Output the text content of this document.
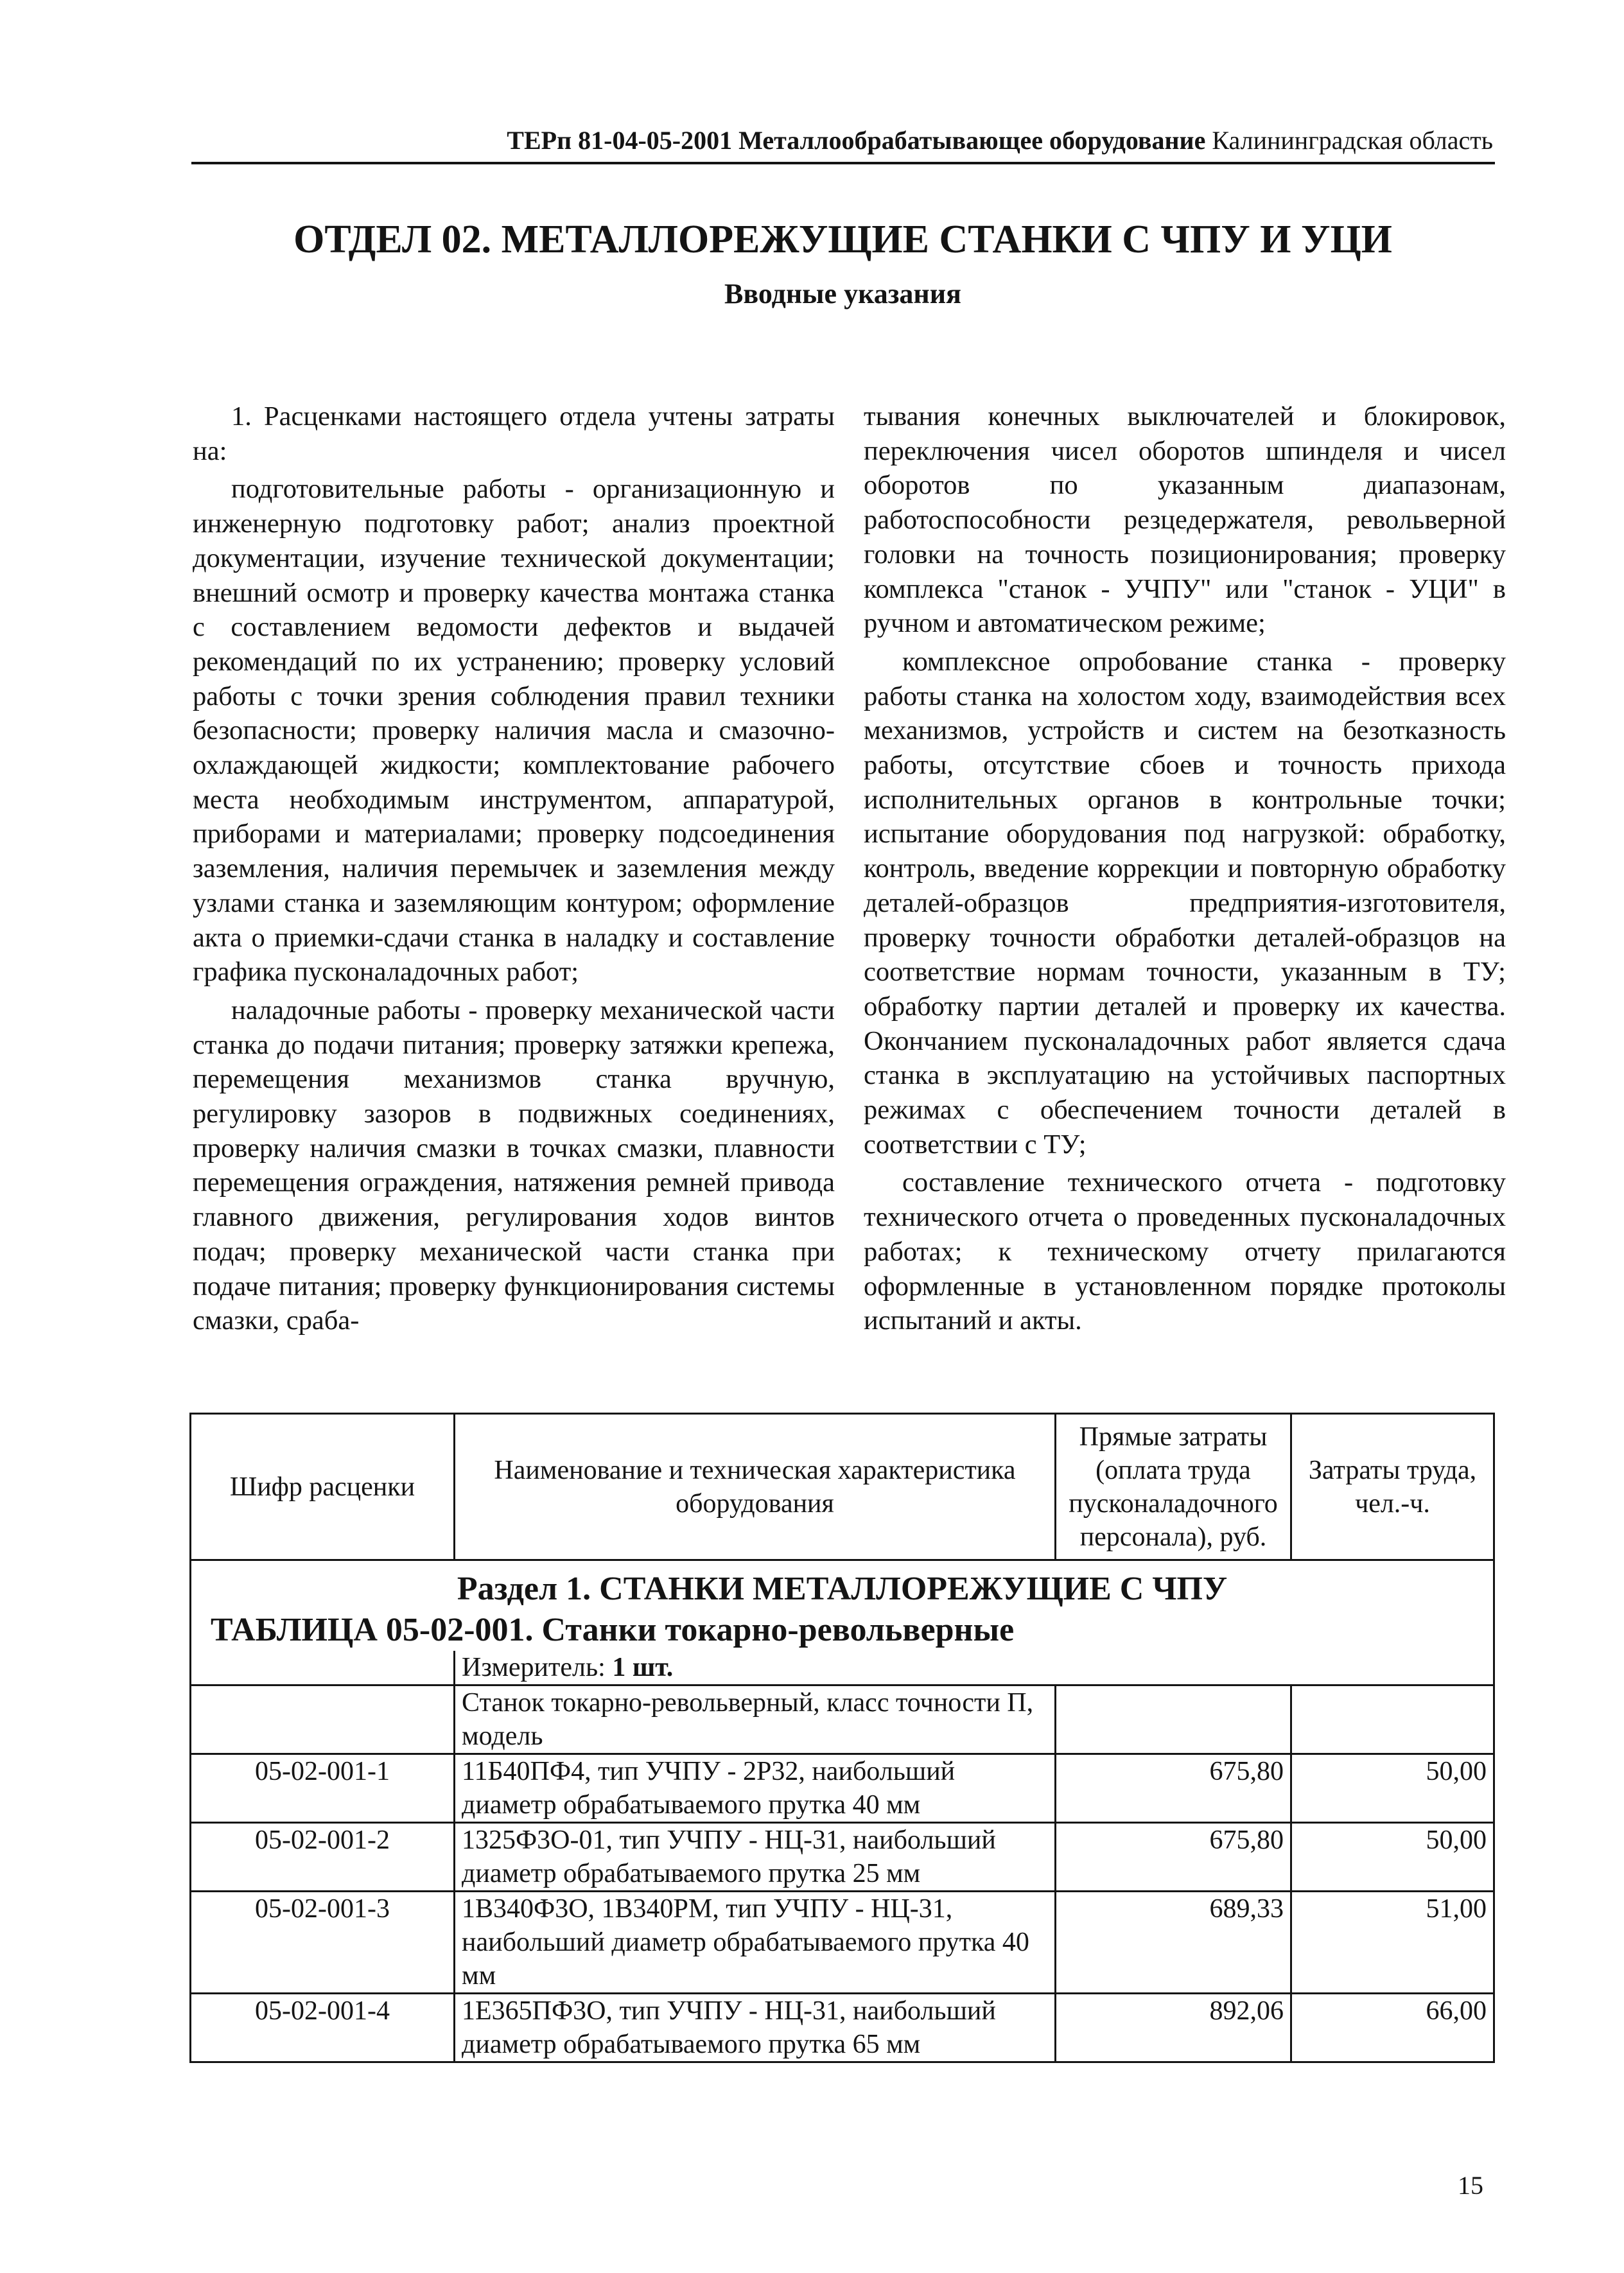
ТЕРп 81-04-05-2001 Металлообрабатывающее оборудование Калининградская область
ОТДЕЛ 02. МЕТАЛЛОРЕЖУЩИЕ СТАНКИ С ЧПУ И УЦИ
Вводные указания

1. Расценками настоящего отдела учтены затраты на:

подготовительные работы - организационную и инженерную подготовку работ; анализ проектной документации, изучение технической документации; внешний осмотр и проверку качества монтажа станка с составлением ведомости дефектов и выдачей рекомендаций по их устранению; проверку условий работы с точки зрения соблюдения правил техники безопасности; проверку наличия масла и смазочно-охлаждающей жидкости; комплектование рабочего места необходимым инструментом, аппаратурой, приборами и материалами; проверку подсоединения заземления, наличия перемычек и заземления между узлами станка и заземляющим контуром; оформление акта о приемки-сдачи станка в наладку и составление графика пусконаладочных работ;

наладочные работы - проверку механической части станка до подачи питания; проверку затяжки крепежа, перемещения механизмов станка вручную, регулировку зазоров в подвижных соединениях, проверку наличия смазки в точках смазки, плавности перемещения ограждения, натяжения ремней привода главного движения, регулирования ходов винтов подач; проверку механической части станка при подаче питания; проверку функционирования системы смазки, сраба-

тывания конечных выключателей и блокировок, переключения чисел оборотов шпинделя и чисел оборотов по указанным диапазонам, работоспособности резцедержателя, револьверной головки на точность позиционирования; проверку комплекса "станок - УЧПУ" или "станок - УЦИ" в ручном и автоматическом режиме;

комплексное опробование станка - проверку работы станка на холостом ходу, взаимодействия всех механизмов, устройств и систем на безотказность работы, отсутствие сбоев и точность прихода исполнительных органов в контрольные точки; испытание оборудования под нагрузкой: обработку, контроль, введение коррекции и повторную обработку деталей-образцов предприятия-изготовителя, проверку точности обработки деталей-образцов на соответствие нормам точности, указанным в ТУ; обработку партии деталей и проверку их качества. Окончанием пусконаладочных работ является сдача станка в эксплуатацию на устойчивых паспортных режимах с обеспечением точности деталей в соответствии с ТУ;

составление технического отчета - подготовку технического отчета о проведенных пусконаладочных работах; к техническому отчету прилагаются оформленные в установленном порядке протоколы испытаний и акты.

Шифр расценки	Наименование и техническая характеристика оборудования	Прямые затраты (оплата труда пусконаладочного персонала), руб.	Затраты труда, чел.-ч.
Раздел 1. СТАНКИ МЕТАЛЛОРЕЖУЩИЕ С ЧПУ			
ТАБЛИЦА 05-02-001. Станки токарно-револьверные			
	Измеритель: 1 шт.		
	Станок токарно-револьверный, класс точности П, модель		
05-02-001-1	11Б40ПФ4, тип УЧПУ - 2Р32, наибольший диаметр обрабатываемого прутка 40 мм	675,80	50,00
05-02-001-2	1325Ф3О-01, тип УЧПУ - НЦ-31, наибольший диаметр обрабатываемого прутка 25 мм	675,80	50,00
05-02-001-3	1В340Ф3О, 1В340РМ, тип УЧПУ - НЦ-31, наибольший диаметр обрабатываемого прутка 40 мм	689,33	51,00
05-02-001-4	1Е365ПФ3О, тип УЧПУ - НЦ-31, наибольший диаметр обрабатываемого прутка 65 мм	892,06	66,00
15
